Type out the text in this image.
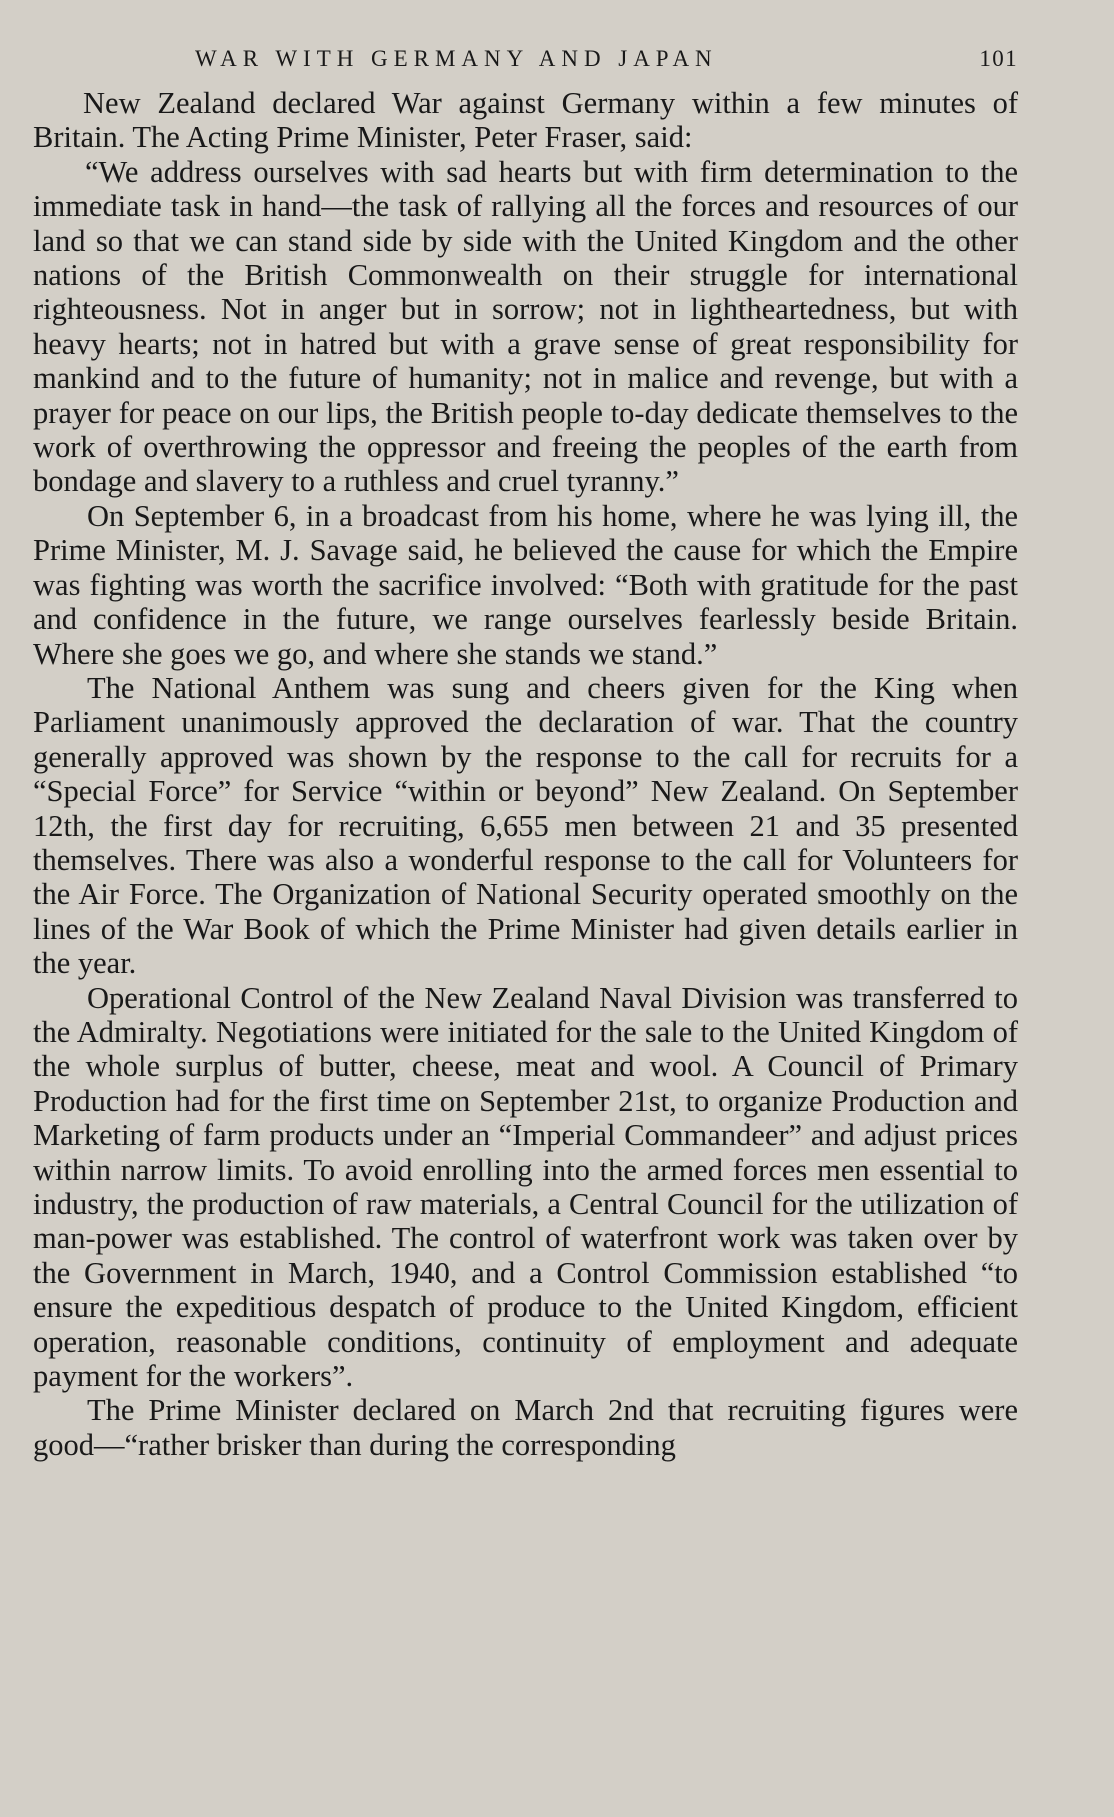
WAR WITH GERMANY AND JAPAN	101

New Zealand declared War against Germany within a few minutes of Britain. The Acting Prime Minister, Peter Fraser, said:

“We address ourselves with sad hearts but with firm determination to the immediate task in hand—the task of rallying all the forces and resources of our land so that we can stand side by side with the United Kingdom and the other nations of the British Commonwealth on their struggle for international righteousness. Not in anger but in sorrow; not in lightheartedness, but with heavy hearts; not in hatred but with a grave sense of great responsibility for mankind and to the future of humanity; not in malice and revenge, but with a prayer for peace on our lips, the British people to-day dedicate themselves to the work of overthrowing the oppressor and freeing the peoples of the earth from bondage and slavery to a ruthless and cruel tyranny.”

On September 6, in a broadcast from his home, where he was lying ill, the Prime Minister, M. J. Savage said, he believed the cause for which the Empire was fighting was worth the sacrifice involved: “Both with gratitude for the past and confidence in the future, we range ourselves fearlessly beside Britain. Where she goes we go, and where she stands we stand.”

The National Anthem was sung and cheers given for the King when Parliament unanimously approved the declaration of war. That the country generally approved was shown by the response to the call for recruits for a “Special Force” for Service “within or beyond” New Zealand. On September 12th, the first day for recruiting, 6,655 men between 21 and 35 presented themselves. There was also a wonderful response to the call for Volunteers for the Air Force. The Organization of National Security operated smoothly on the lines of the War Book of which the Prime Minister had given details earlier in the year.

Operational Control of the New Zealand Naval Division was transferred to the Admiralty. Negotiations were initiated for the sale to the United Kingdom of the whole surplus of butter, cheese, meat and wool. A Council of Primary Production had for the first time on September 21st, to organize Production and Marketing of farm products under an “Imperial Commandeer” and adjust prices within narrow limits. To avoid enrolling into the armed forces men essential to industry, the production of raw materials, a Central Council for the utilization of man-power was established. The control of waterfront work was taken over by the Government in March, 1940, and a Control Commission established “to ensure the expeditious despatch of produce to the United Kingdom, efficient operation, reasonable conditions, continuity of employment and adequate payment for the workers”.

The Prime Minister declared on March 2nd that recruiting figures were good—“rather brisker than during the corresponding
